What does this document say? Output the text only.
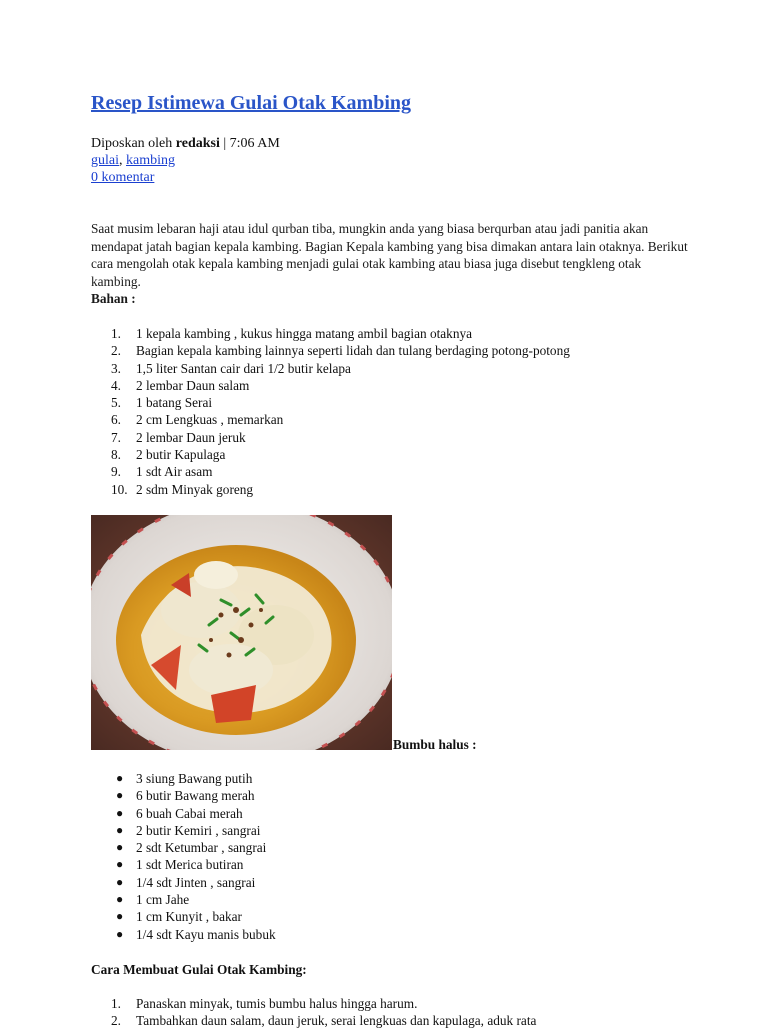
Resep Istimewa Gulai Otak Kambing
Diposkan oleh redaksi | 7:06 AM
gulai, kambing
0 komentar

Saat musim lebaran haji atau idul qurban tiba, mungkin anda yang biasa berqurban atau jadi panitia akan mendapat jatah bagian kepala kambing. Bagian Kepala kambing yang bisa dimakan antara lain otaknya. Berikut cara mengolah otak kepala kambing menjadi gulai otak kambing atau biasa juga disebut tengkleng otak kambing.

Bahan :

1. 1 kepala kambing , kukus hingga matang ambil bagian otaknya
2. Bagian kepala kambing lainnya seperti lidah dan tulang berdaging potong-potong
3. 1,5 liter Santan cair dari 1/2 butir kelapa
4. 2 lembar Daun salam
5. 1 batang Serai
6. 2 cm Lengkuas , memarkan
7. 2 lembar Daun jeruk
8. 2 butir Kapulaga
9. 1 sdt Air asam
10. 2 sdm Minyak goreng
Bumbu halus :
● 3 siung Bawang putih
● 6 butir Bawang merah
● 6 buah Cabai merah
● 2 butir Kemiri , sangrai
● 2 sdt Ketumbar , sangrai
● 1 sdt Merica butiran
● 1/4 sdt Jinten , sangrai
● 1 cm Jahe
● 1 cm Kunyit , bakar
● 1/4 sdt Kayu manis bubuk
Cara Membuat Gulai Otak Kambing:
1. Panaskan minyak, tumis bumbu halus hingga harum.
2. Tambahkan daun salam, daun jeruk, serai lengkuas dan kapulaga, aduk rata
